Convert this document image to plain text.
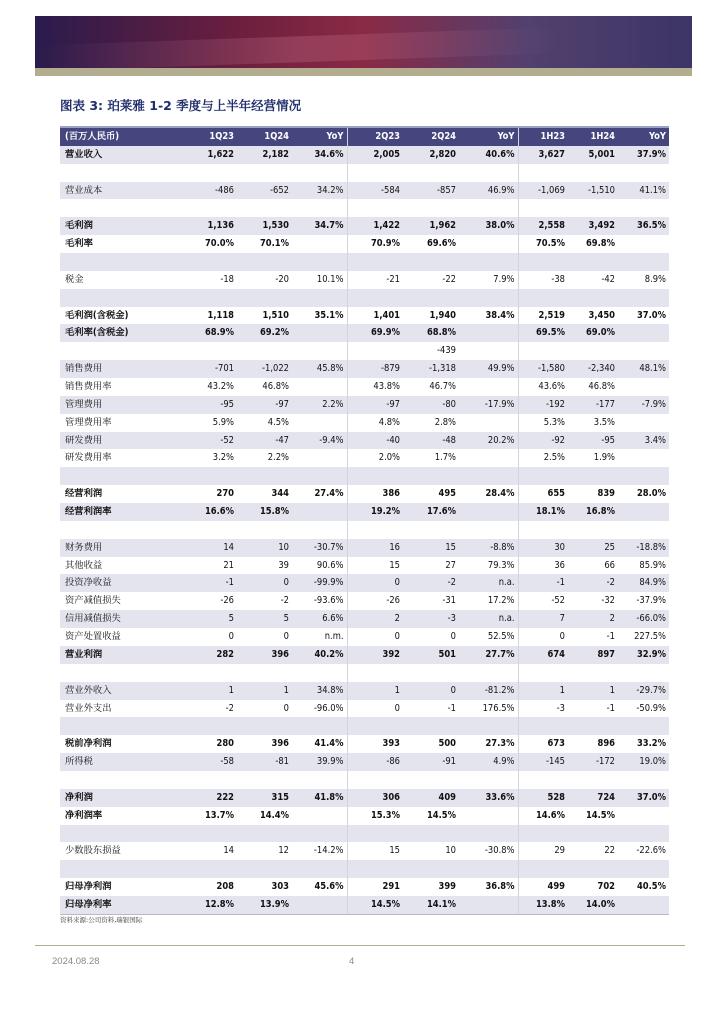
图表 3: 珀莱雅 1-2 季度与上半年经营情况
(百万人民币)	1Q23	1Q24	YoY	2Q23	2Q24	YoY	1H23	1H24	YoY
营业收入	1,622	2,182	34.6%	2,005	2,820	40.6%	3,627	5,001	37.9%

营业成本	-486	-652	34.2%	-584	-857	46.9%	-1,069	-1,510	41.1%

毛利润	1,136	1,530	34.7%	1,422	1,962	38.0%	2,558	3,492	36.5%
毛利率	70.0%	70.1%		70.9%	69.6%		70.5%	69.8%	

税金	-18	-20	10.1%	-21	-22	7.9%	-38	-42	8.9%

毛利润(含税金)	1,118	1,510	35.1%	1,401	1,940	38.4%	2,519	3,450	37.0%
毛利率(含税金)	68.9%	69.2%		69.9%	68.8%		69.5%	69.0%	
					-439				
销售费用	-701	-1,022	45.8%	-879	-1,318	49.9%	-1,580	-2,340	48.1%
销售费用率	43.2%	46.8%		43.8%	46.7%		43.6%	46.8%	
管理费用	-95	-97	2.2%	-97	-80	-17.9%	-192	-177	-7.9%
管理费用率	5.9%	4.5%		4.8%	2.8%		5.3%	3.5%	
研发费用	-52	-47	-9.4%	-40	-48	20.2%	-92	-95	3.4%
研发费用率	3.2%	2.2%		2.0%	1.7%		2.5%	1.9%	

经营利润	270	344	27.4%	386	495	28.4%	655	839	28.0%
经营利润率	16.6%	15.8%		19.2%	17.6%		18.1%	16.8%	

财务费用	14	10	-30.7%	16	15	-8.8%	30	25	-18.8%
其他收益	21	39	90.6%	15	27	79.3%	36	66	85.9%
投资净收益	-1	0	-99.9%	0	-2	n.a.	-1	-2	84.9%
资产减值损失	-26	-2	-93.6%	-26	-31	17.2%	-52	-32	-37.9%
信用减值损失	5	5	6.6%	2	-3	n.a.	7	2	-66.0%
资产处置收益	0	0	n.m.	0	0	52.5%	0	-1	227.5%
营业利润	282	396	40.2%	392	501	27.7%	674	897	32.9%

营业外收入	1	1	34.8%	1	0	-81.2%	1	1	-29.7%
营业外支出	-2	0	-96.0%	0	-1	176.5%	-3	-1	-50.9%

税前净利润	280	396	41.4%	393	500	27.3%	673	896	33.2%
所得税	-58	-81	39.9%	-86	-91	4.9%	-145	-172	19.0%

净利润	222	315	41.8%	306	409	33.6%	528	724	37.0%
净利润率	13.7%	14.4%		15.3%	14.5%		14.6%	14.5%	

少数股东损益	14	12	-14.2%	15	10	-30.8%	29	22	-22.6%

归母净利润	208	303	45.6%	291	399	36.8%	499	702	40.5%
归母净利率	12.8%	13.9%		14.5%	14.1%		13.8%	14.0%	
资料来源:公司资料,瑞银国际
2024.08.28	4
